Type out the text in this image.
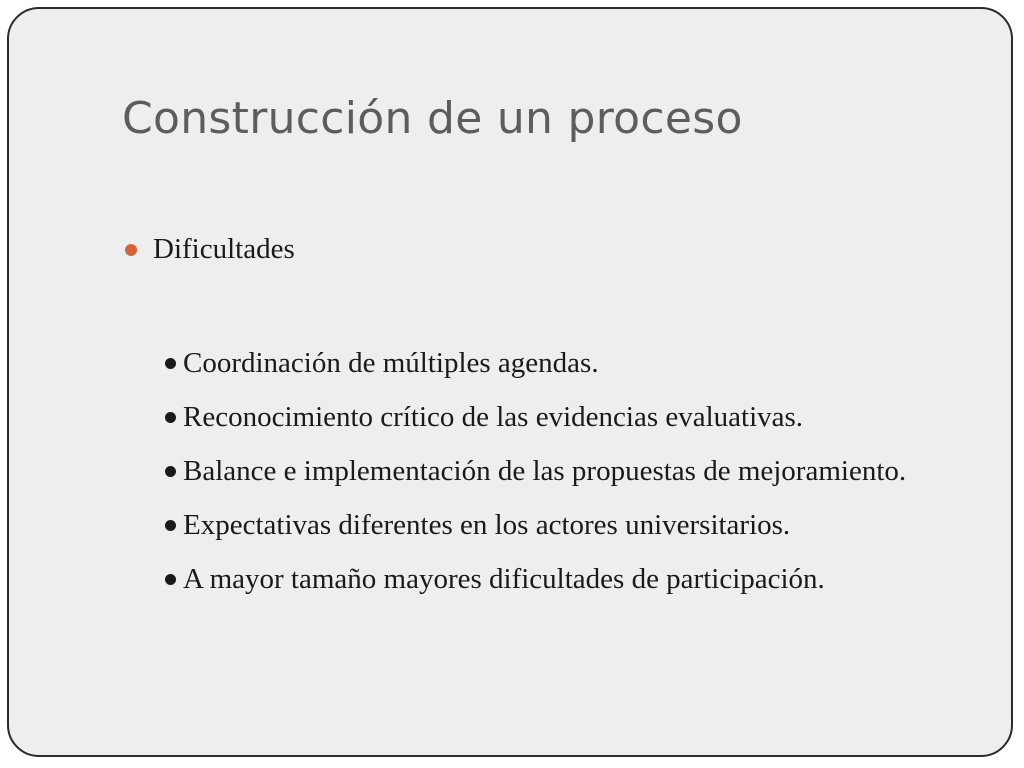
Construcción de un proceso
Dificultades
Coordinación de múltiples agendas.
Reconocimiento crítico de las evidencias evaluativas.
Balance e implementación de las propuestas de mejoramiento.
Expectativas diferentes en los actores universitarios.
A mayor tamaño mayores dificultades de participación.
